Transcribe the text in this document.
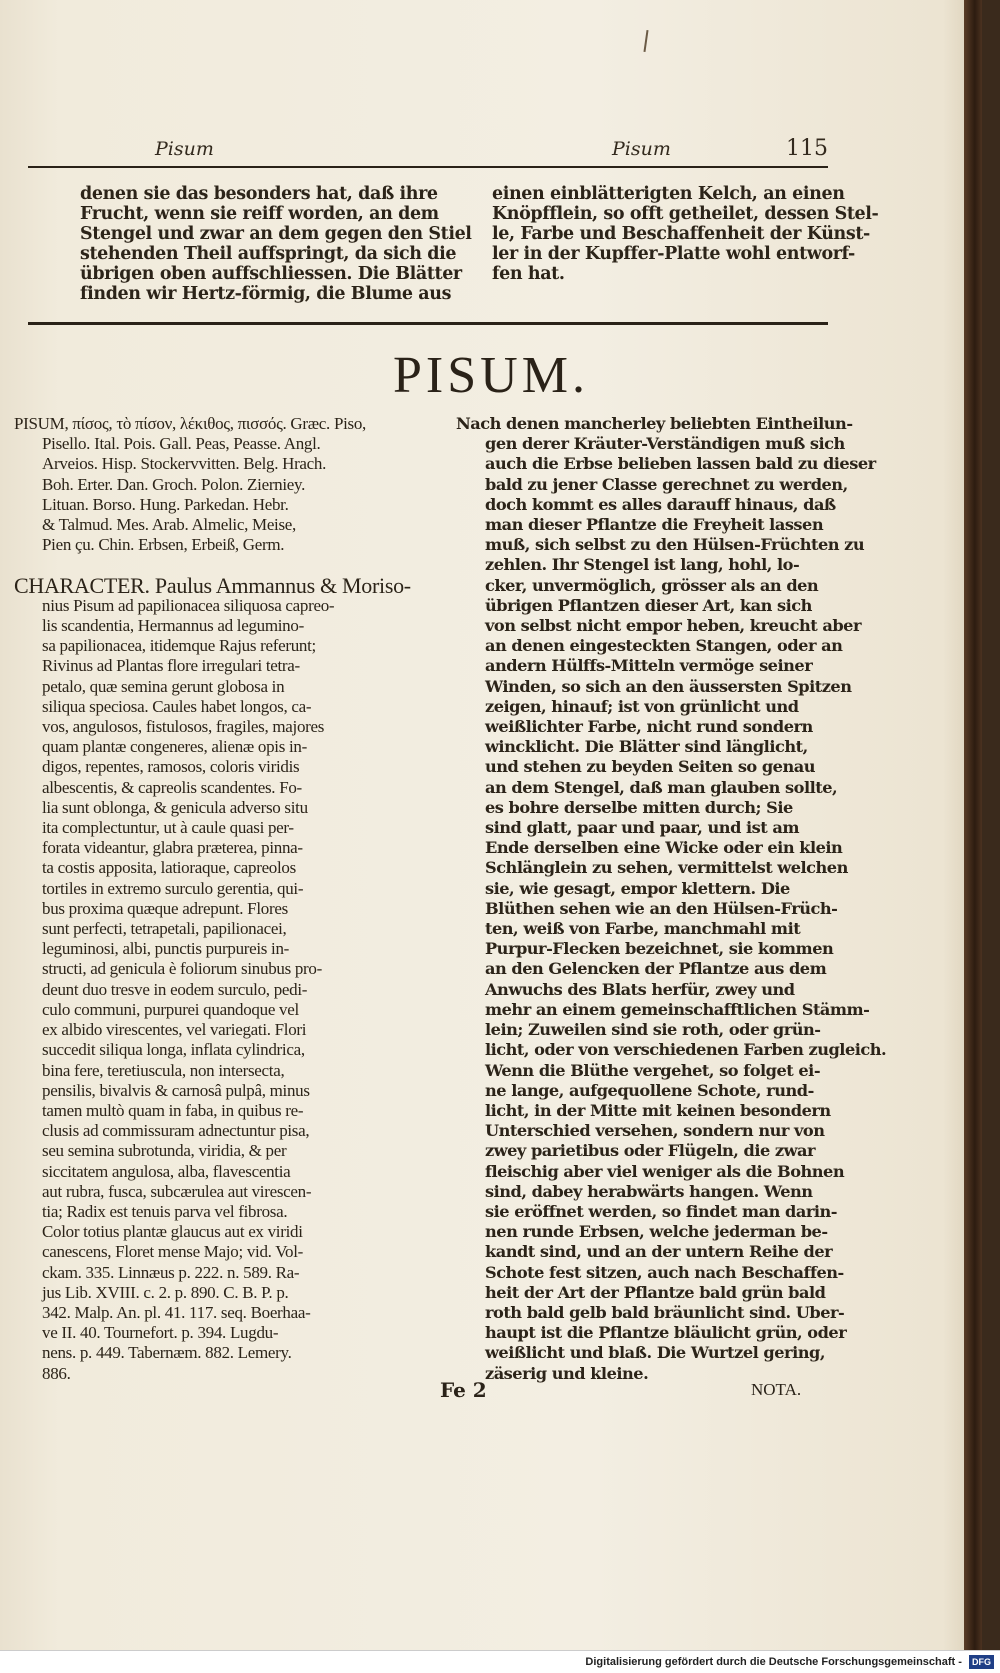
Pisum	Pisum	115
denen sie das besonders hat, daß ihre
Frucht, wenn sie reiff worden, an dem
Stengel und zwar an dem gegen den Stiel
stehenden Theil auffspringt, da sich die
übrigen oben auffschliessen. Die Blätter
finden wir Hertz-förmig, die Blume aus
einen einblätterigten Kelch, an einen
Knöpfflein, so offt getheilet, dessen Stel-
le, Farbe und Beschaffenheit der Künst-
ler in der Kupffer-Platte wohl entworf-
fen hat.
PISUM.
PISUM, πίσος, τὸ πίσον, λέκιθος, πισσός. Græc. Piso,
Pisello. Ital. Pois. Gall. Peas, Peasse. Angl.
Arveios. Hisp. Stockervvitten. Belg. Hrach.
Boh. Erter. Dan. Groch. Polon. Zierniey.
Lituan. Borso. Hung. Parkedan. Hebr.
& Talmud. Mes. Arab. Almelic, Meise,
Pien çu. Chin. Erbsen, Erbeiß, Germ.

CHARACTER. Paulus Ammannus & Moriso-
nius Pisum ad papilionacea siliquosa capreo-
lis scandentia, Hermannus ad legumino-
sa papilionacea, itidemque Rajus referunt;
Rivinus ad Plantas flore irregulari tetra-
petalo, quæ semina gerunt globosa in
siliqua speciosa. Caules habet longos, ca-
vos, angulosos, fistulosos, fragiles, majores
quam plantæ congeneres, alienæ opis in-
digos, repentes, ramosos, coloris viridis
albescentis, & capreolis scandentes. Fo-
lia sunt oblonga, & genicula adverso situ
ita complectuntur, ut à caule quasi per-
forata videantur, glabra præterea, pinna-
ta costis apposita, latioraque, capreolos
tortiles in extremo surculo gerentia, qui-
bus proxima quæque adrepunt. Flores
sunt perfecti, tetrapetali, papilionacei,
leguminosi, albi, punctis purpureis in-
structi, ad genicula è foliorum sinubus pro-
deunt duo tresve in eodem surculo, pedi-
culo communi, purpurei quandoque vel
ex albido virescentes, vel variegati. Flori
succedit siliqua longa, inflata cylindrica,
bina fere, teretiuscula, non intersecta,
pensilis, bivalvis & carnosâ pulpâ, minus
tamen multò quam in faba, in quibus re-
clusis ad commissuram adnectuntur pisa,
seu semina subrotunda, viridia, & per
siccitatem angulosa, alba, flavescentia
aut rubra, fusca, subcærulea aut virescen-
tia; Radix est tenuis parva vel fibrosa.
Color totius plantæ glaucus aut ex viridi
canescens, Floret mense Majo; vid. Vol-
ckam. 335. Linnæus p. 222. n. 589. Ra-
jus Lib. XVIII. c. 2. p. 890. C. B. P. p.
342. Malp. An. pl. 41. 117. seq. Boerhaa-
ve II. 40. Tournefort. p. 394. Lugdu-
nens. p. 449. Tabernæm. 882. Lemery.
886.
Nach denen mancherley beliebten Eintheilun-
gen derer Kräuter-Verständigen muß sich
auch die Erbse belieben lassen bald zu dieser
bald zu jener Classe gerechnet zu werden,
doch kommt es alles darauff hinaus, daß
man dieser Pflantze die Freyheit lassen
muß, sich selbst zu den Hülsen-Früchten zu
zehlen. Ihr Stengel ist lang, hohl, lo-
cker, unvermöglich, grösser als an den
übrigen Pflantzen dieser Art, kan sich
von selbst nicht empor heben, kreucht aber
an denen eingesteckten Stangen, oder an
andern Hülffs-Mitteln vermöge seiner
Winden, so sich an den äussersten Spitzen
zeigen, hinauf; ist von grünlicht und
weißlichter Farbe, nicht rund sondern
wincklicht. Die Blätter sind länglicht,
und stehen zu beyden Seiten so genau
an dem Stengel, daß man glauben sollte,
es bohre derselbe mitten durch; Sie
sind glatt, paar und paar, und ist am
Ende derselben eine Wicke oder ein klein
Schlänglein zu sehen, vermittelst welchen
sie, wie gesagt, empor klettern. Die
Blüthen sehen wie an den Hülsen-Früch-
ten, weiß von Farbe, manchmahl mit
Purpur-Flecken bezeichnet, sie kommen
an den Gelencken der Pflantze aus dem
Anwuchs des Blats herfür, zwey und
mehr an einem gemeinschafftlichen Stämm-
lein; Zuweilen sind sie roth, oder grün-
licht, oder von verschiedenen Farben zugleich.
Wenn die Blüthe vergehet, so folget ei-
ne lange, aufgequollene Schote, rund-
licht, in der Mitte mit keinen besondern
Unterschied versehen, sondern nur von
zwey parietibus oder Flügeln, die zwar
fleischig aber viel weniger als die Bohnen
sind, dabey herabwärts hangen. Wenn
sie eröffnet werden, so findet man darin-
nen runde Erbsen, welche jederman be-
kandt sind, und an der untern Reihe der
Schote fest sitzen, auch nach Beschaffen-
heit der Art der Pflantze bald grün bald
roth bald gelb bald bräunlicht sind. Uber-
haupt ist die Pflantze bläulicht grün, oder
weißlicht und blaß. Die Wurtzel gering,
zäserig und kleine.
Fe 2	NOTA.
Digitalisierung gefördert durch die Deutsche Forschungsgemeinschaft - DFG
